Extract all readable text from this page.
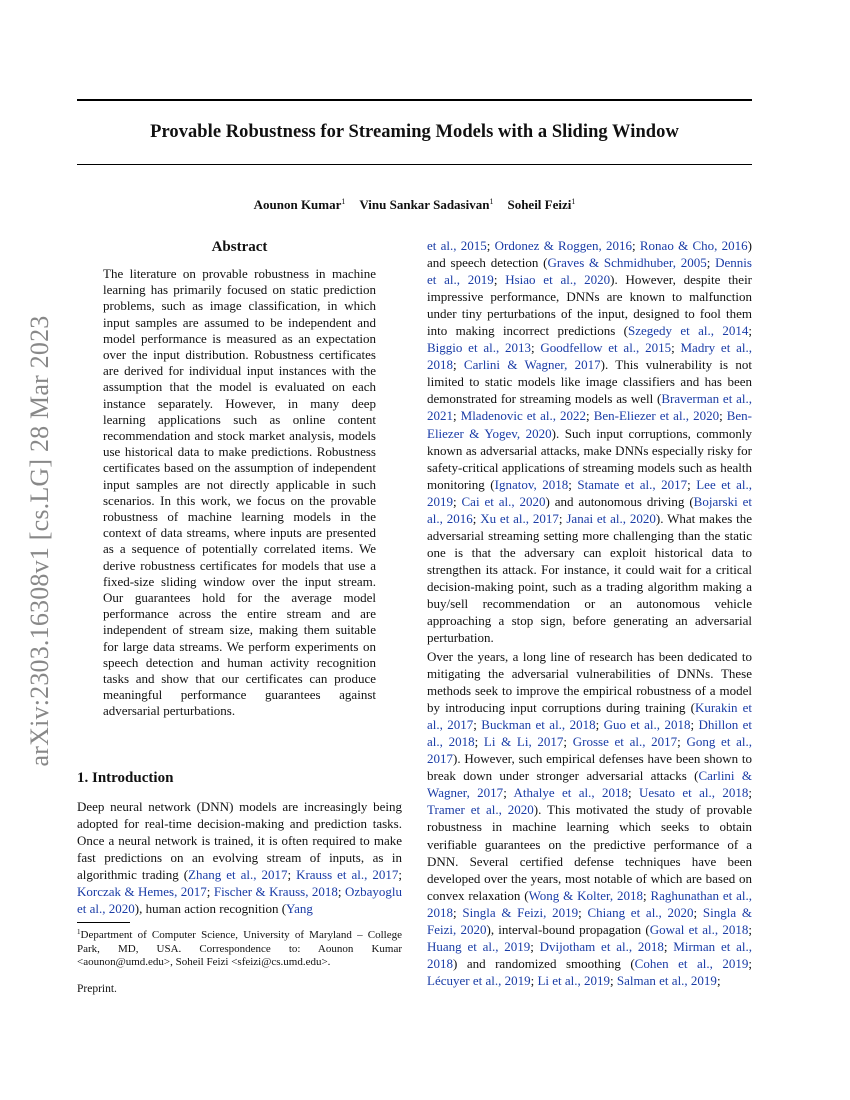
arXiv:2303.16308v1 [cs.LG] 28 Mar 2023
Provable Robustness for Streaming Models with a Sliding Window
Aounon Kumar$^1$ Vinu Sankar Sadasivan$^1$ Soheil Feizi$^1$
Abstract
The literature on provable robustness in machine learning has primarily focused on static prediction problems, such as image classification, in which input samples are assumed to be independent and model performance is measured as an expectation over the input distribution. Robustness certificates are derived for individual input instances with the assumption that the model is evaluated on each instance separately. However, in many deep learning applications such as online content recommendation and stock market analysis, models use historical data to make predictions. Robustness certificates based on the assumption of independent input samples are not directly applicable in such scenarios. In this work, we focus on the provable robustness of machine learning models in the context of data streams, where inputs are presented as a sequence of potentially correlated items. We derive robustness certificates for models that use a fixed-size sliding window over the input stream. Our guarantees hold for the average model performance across the entire stream and are independent of stream size, making them suitable for large data streams. We perform experiments on speech detection and human activity recognition tasks and show that our certificates can produce meaningful performance guarantees against adversarial perturbations.
1. Introduction
Deep neural network (DNN) models are increasingly being adopted for real-time decision-making and prediction tasks. Once a neural network is trained, it is often required to make fast predictions on an evolving stream of inputs, as in algorithmic trading (Zhang et al., 2017; Krauss et al., 2017; Korczak & Hemes, 2017; Fischer & Krauss, 2018; Ozbayoglu et al., 2020), human action recognition (Yang
$^1$Department of Computer Science, University of Maryland – College Park, MD, USA. Correspondence to: Aounon Kumar <aounon@umd.edu>, Soheil Feizi <sfeizi@cs.umd.edu>.
Preprint.
et al., 2015; Ordonez & Roggen, 2016; Ronao & Cho, 2016) and speech detection (Graves & Schmidhuber, 2005; Dennis et al., 2019; Hsiao et al., 2020). However, despite their impressive performance, DNNs are known to malfunction under tiny perturbations of the input, designed to fool them into making incorrect predictions (Szegedy et al., 2014; Biggio et al., 2013; Goodfellow et al., 2015; Madry et al., 2018; Carlini & Wagner, 2017). This vulnerability is not limited to static models like image classifiers and has been demonstrated for streaming models as well (Braverman et al., 2021; Mladenovic et al., 2022; Ben-Eliezer et al., 2020; Ben-Eliezer & Yogev, 2020). Such input corruptions, commonly known as adversarial attacks, make DNNs especially risky for safety-critical applications of streaming models such as health monitoring (Ignatov, 2018; Stamate et al., 2017; Lee et al., 2019; Cai et al., 2020) and autonomous driving (Bojarski et al., 2016; Xu et al., 2017; Janai et al., 2020). What makes the adversarial streaming setting more challenging than the static one is that the adversary can exploit historical data to strengthen its attack. For instance, it could wait for a critical decision-making point, such as a trading algorithm making a buy/sell recommendation or an autonomous vehicle approaching a stop sign, before generating an adversarial perturbation.
Over the years, a long line of research has been dedicated to mitigating the adversarial vulnerabilities of DNNs. These methods seek to improve the empirical robustness of a model by introducing input corruptions during training (Kurakin et al., 2017; Buckman et al., 2018; Guo et al., 2018; Dhillon et al., 2018; Li & Li, 2017; Grosse et al., 2017; Gong et al., 2017). However, such empirical defenses have been shown to break down under stronger adversarial attacks (Carlini & Wagner, 2017; Athalye et al., 2018; Uesato et al., 2018; Tramer et al., 2020). This motivated the study of provable robustness in machine learning which seeks to obtain verifiable guarantees on the predictive performance of a DNN. Several certified defense techniques have been developed over the years, most notable of which are based on convex relaxation (Wong & Kolter, 2018; Raghunathan et al., 2018; Singla & Feizi, 2019; Chiang et al., 2020; Singla & Feizi, 2020), interval-bound propagation (Gowal et al., 2018; Huang et al., 2019; Dvijotham et al., 2018; Mirman et al., 2018) and randomized smoothing (Cohen et al., 2019; Lécuyer et al., 2019; Li et al., 2019; Salman et al., 2019;
